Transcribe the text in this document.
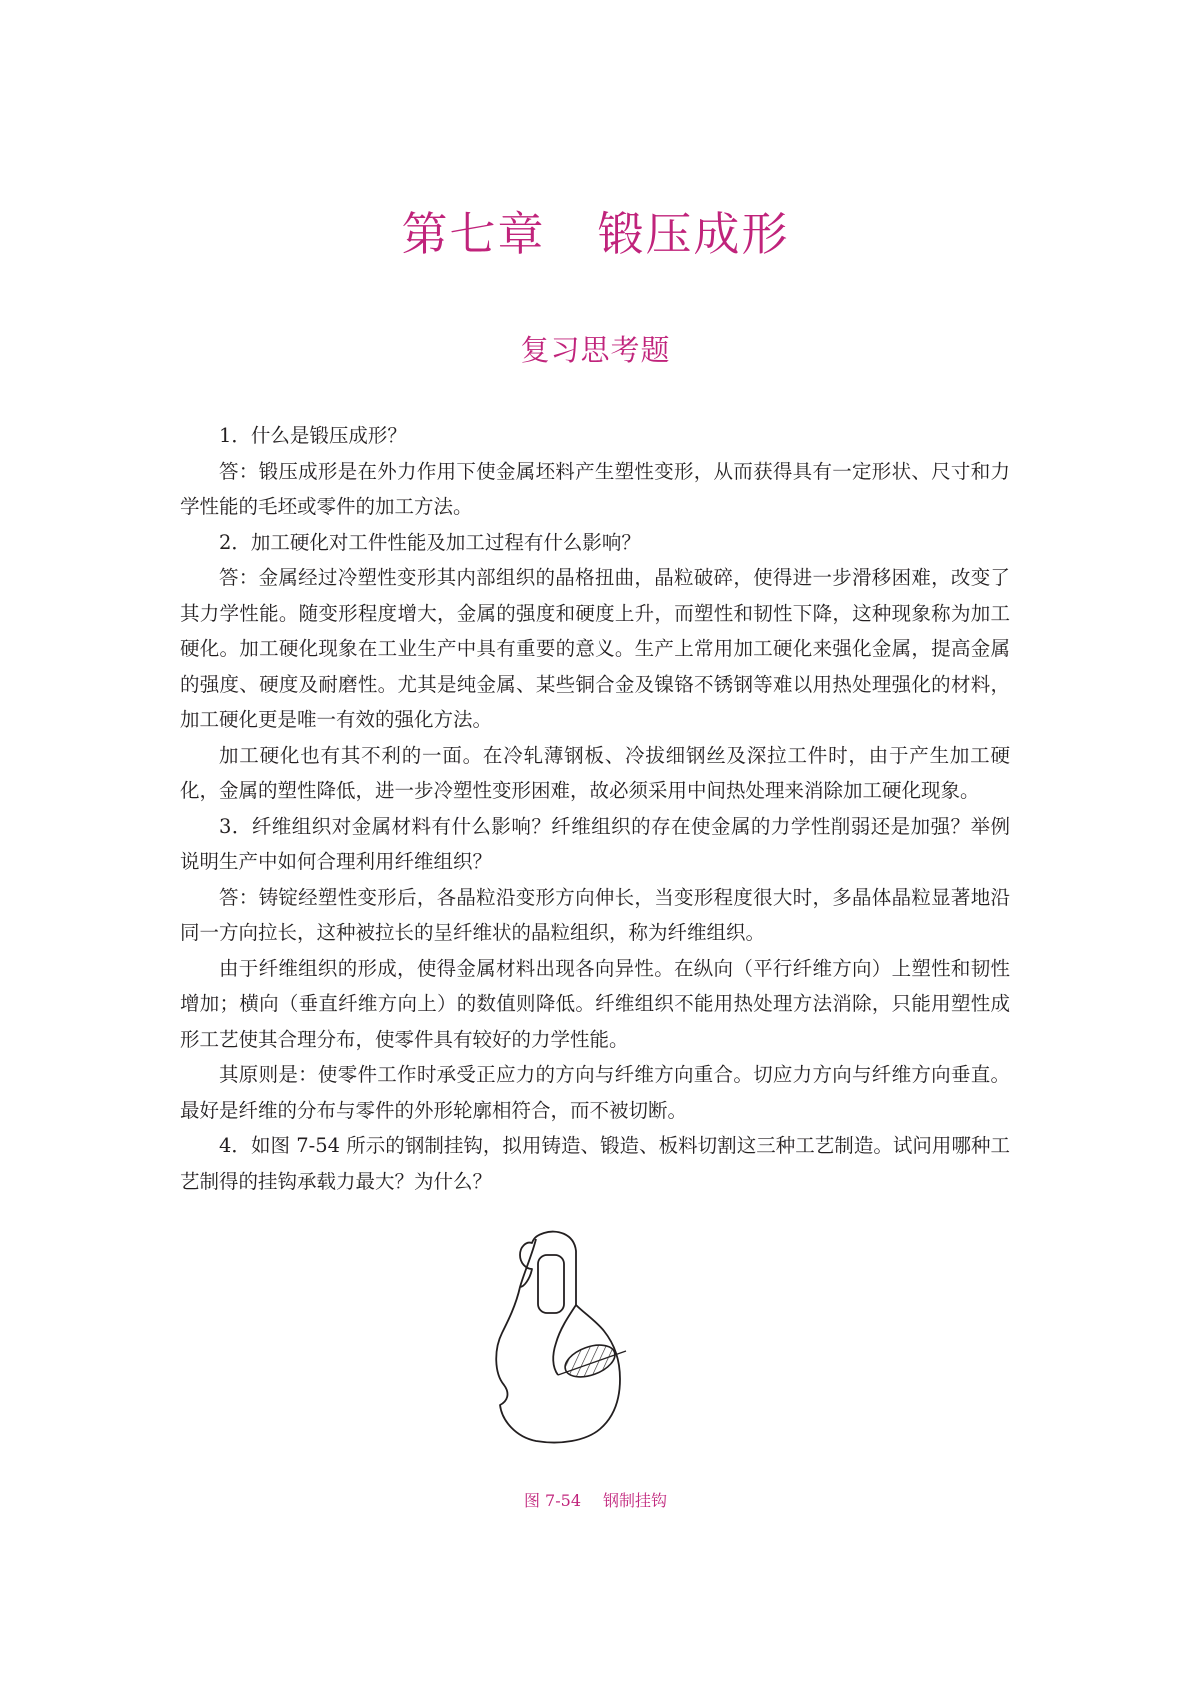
第七章 锻压成形
复习思考题

1．什么是锻压成形？

答：锻压成形是在外力作用下使金属坯料产生塑性变形，从而获得具有一定形状、尺寸和力学性能的毛坯或零件的加工方法。

2．加工硬化对工件性能及加工过程有什么影响？

答：金属经过冷塑性变形其内部组织的晶格扭曲，晶粒破碎，使得进一步滑移困难，改变了其力学性能。随变形程度增大，金属的强度和硬度上升，而塑性和韧性下降，这种现象称为加工硬化。加工硬化现象在工业生产中具有重要的意义。生产上常用加工硬化来强化金属，提高金属的强度、硬度及耐磨性。尤其是纯金属、某些铜合金及镍铬不锈钢等难以用热处理强化的材料，加工硬化更是唯一有效的强化方法。

加工硬化也有其不利的一面。在冷轧薄钢板、冷拔细钢丝及深拉工件时，由于产生加工硬化，金属的塑性降低，进一步冷塑性变形困难，故必须采用中间热处理来消除加工硬化现象。

3．纤维组织对金属材料有什么影响？纤维组织的存在使金属的力学性削弱还是加强？举例说明生产中如何合理利用纤维组织？

答：铸锭经塑性变形后，各晶粒沿变形方向伸长，当变形程度很大时，多晶体晶粒显著地沿同一方向拉长，这种被拉长的呈纤维状的晶粒组织，称为纤维组织。

由于纤维组织的形成，使得金属材料出现各向异性。在纵向（平行纤维方向）上塑性和韧性增加；横向（垂直纤维方向上）的数值则降低。纤维组织不能用热处理方法消除，只能用塑性成形工艺使其合理分布，使零件具有较好的力学性能。

其原则是：使零件工作时承受正应力的方向与纤维方向重合。切应力方向与纤维方向垂直。最好是纤维的分布与零件的外形轮廓相符合，而不被切断。

4．如图 7-54 所示的钢制挂钩，拟用铸造、锻造、板料切割这三种工艺制造。试问用哪种工艺制得的挂钩承载力最大？为什么？

图 7-54 钢制挂钩
